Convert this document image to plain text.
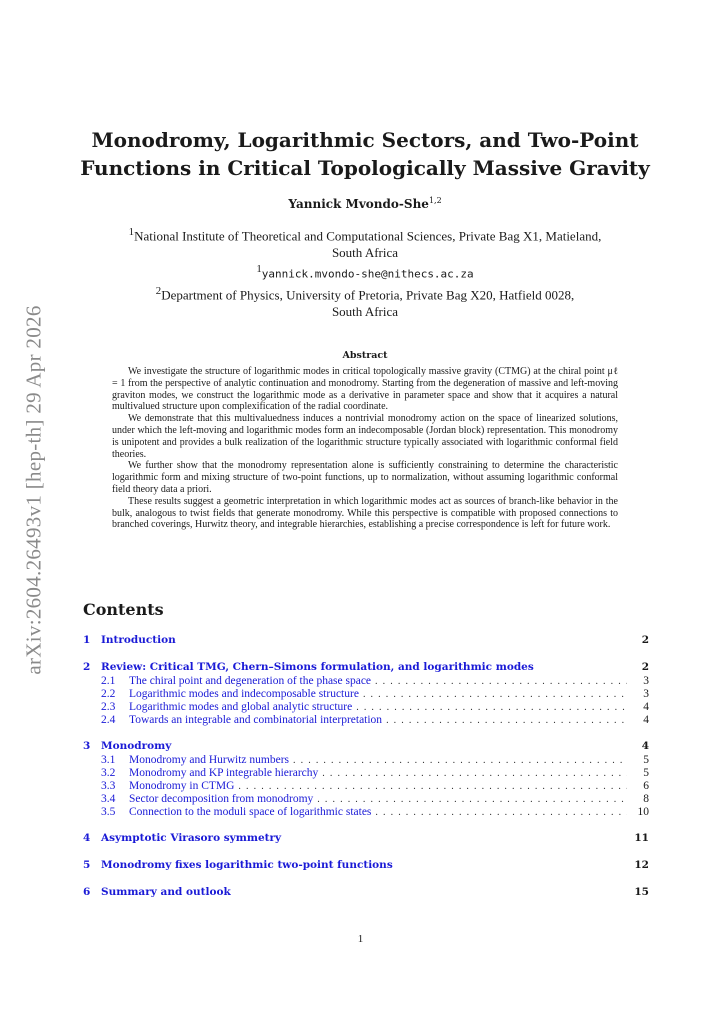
arXiv:2604.26493v1 [hep-th] 29 Apr 2026
Monodromy, Logarithmic Sectors, and Two-Point
Functions in Critical Topologically Massive Gravity
Yannick Mvondo-She$^{1,2}$
$^1$National Institute of Theoretical and Computational Sciences, Private Bag X1, Matieland,
South Africa
$^1$yannick.mvondo-she@nithecs.ac.za
$^2$Department of Physics, University of Pretoria, Private Bag X20, Hatfield 0028,
South Africa
Abstract

We investigate the structure of logarithmic modes in critical topologically massive gravity (CTMG) at the chiral point μℓ = 1 from the perspective of analytic continuation and monodromy. Starting from the degeneration of massive and left-moving graviton modes, we construct the logarithmic mode as a derivative in parameter space and show that it acquires a natural multivalued structure upon complexification of the radial coordinate.

We demonstrate that this multivaluedness induces a nontrivial monodromy action on the space of linearized solutions, under which the left-moving and logarithmic modes form an indecomposable (Jordan block) representation. This monodromy is unipotent and provides a bulk realization of the logarithmic structure typically associated with logarithmic conformal field theories.

We further show that the monodromy representation alone is sufficiently constraining to determine the characteristic logarithmic form and mixing structure of two-point functions, up to normalization, without assuming logarithmic conformal field theory data a priori.

These results suggest a geometric interpretation in which logarithmic modes act as sources of branch-like behavior in the bulk, analogous to twist fields that generate monodromy. While this perspective is compatible with proposed connections to branched coverings, Hurwitz theory, and integrable hierarchies, establishing a precise correspondence is left for future work.

Contents
1	Introduction	2
2	Review: Critical TMG, Chern–Simons formulation, and logarithmic modes	2
2.1	The chiral point and degeneration of the phase space . . .	3
2.2	Logarithmic modes and indecomposable structure . . .	3
2.3	Logarithmic modes and global analytic structure . . .	4
2.4	Towards an integrable and combinatorial interpretation . . .	4
3	Monodromy	4
3.1	Monodromy and Hurwitz numbers . . .	5
3.2	Monodromy and KP integrable hierarchy . . .	5
3.3	Monodromy in CTMG . . .	6
3.4	Sector decomposition from monodromy . . .	8
3.5	Connection to the moduli space of logarithmic states . . .	10
4	Asymptotic Virasoro symmetry	11
5	Monodromy fixes logarithmic two-point functions	12
6	Summary and outlook	15
1
